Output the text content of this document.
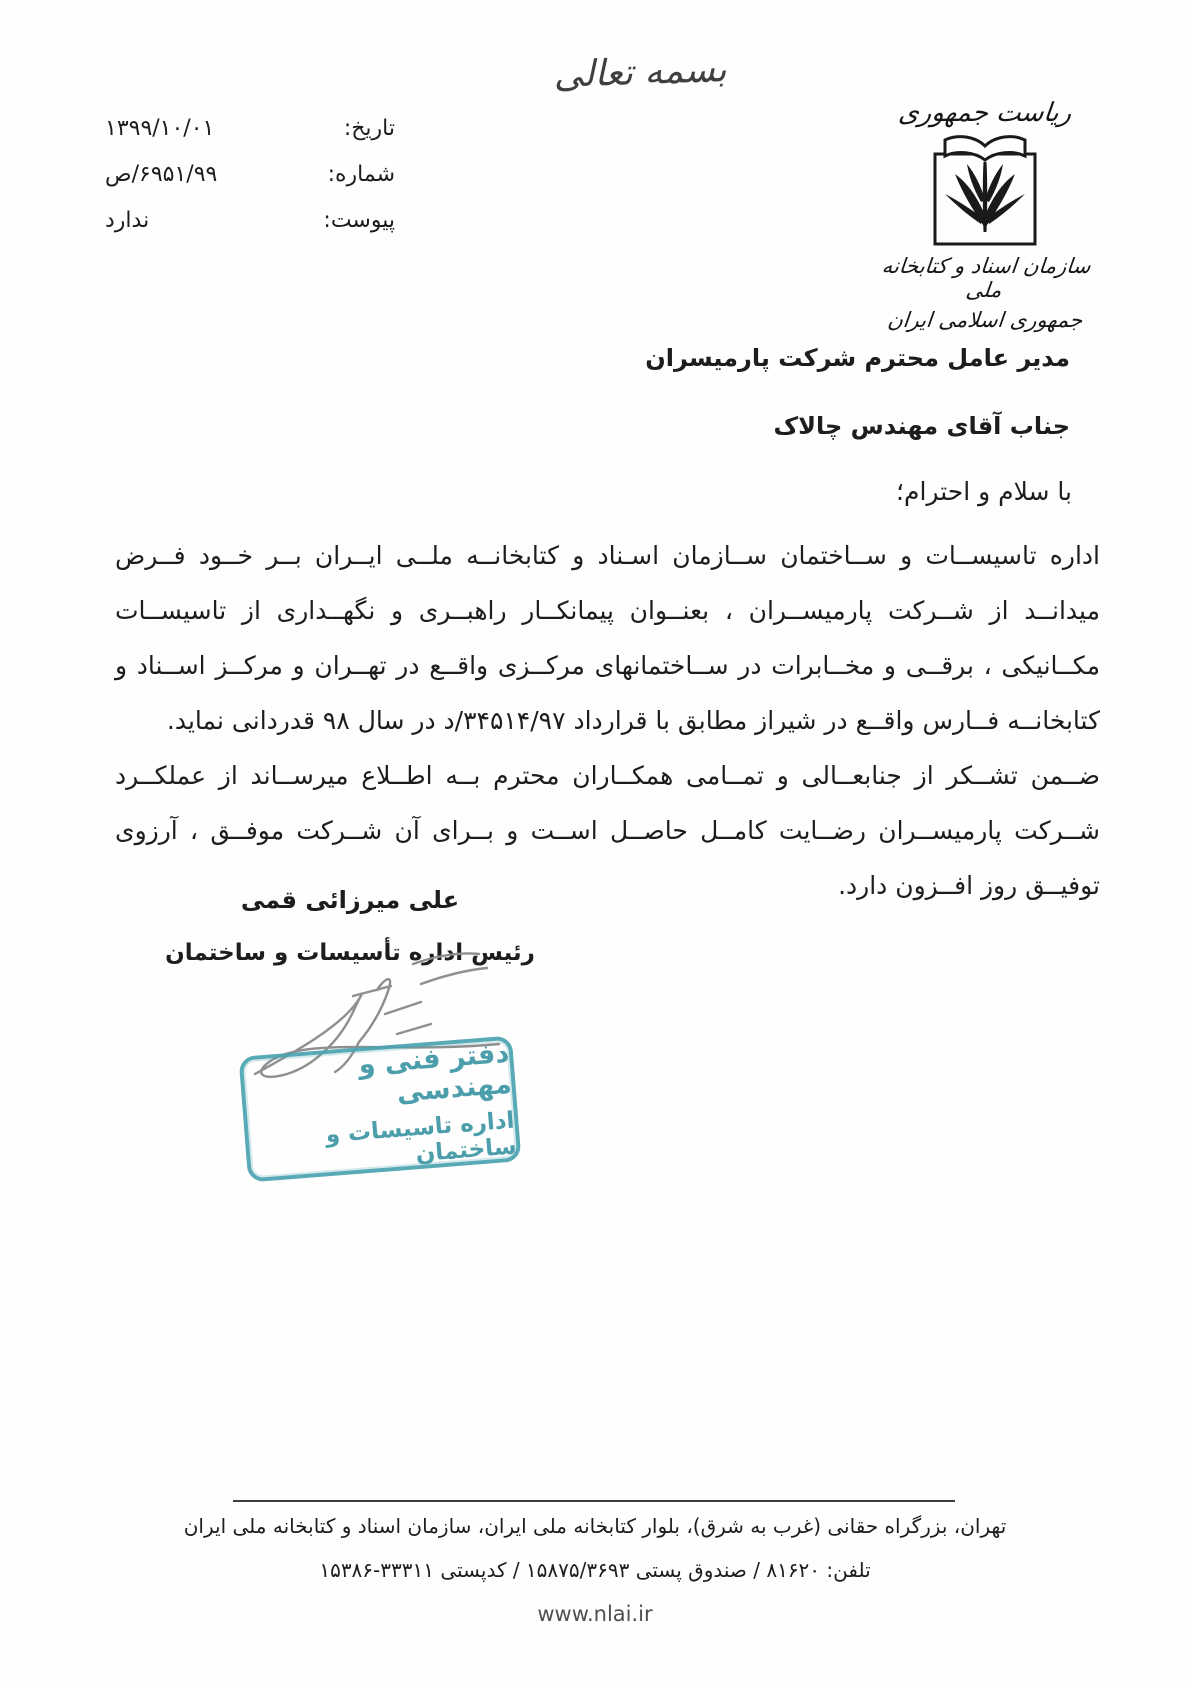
بسمه تعالی
ریاست جمهوری
سازمان اسناد و کتابخانه ملی
جمهوری اسلامی ایران
تاریخ:
۱۳۹۹/۱۰/۰۱
شماره:
۶۹۵۱/۹۹/ص
پیوست:
ندارد
مدیر عامل محترم شرکت پارمیسران
جناب آقای مهندس چالاک
با سلام و احترام؛

اداره تاسیســات و ســاختمان ســازمان اسـناد و کتابخانــه ملــی ایــران بــر خــود فــرض میدانــد از شــرکت پارمیســران ، بعنــوان پیمانکــار راهبــری و نگهــداری از تاسیســات مکــانیکی ، برقــی و مخــابرات در ســاختمانهای مرکــزی واقــع در تهــران و مرکــز اســناد و کتابخانــه فــارس واقــع در شیراز مطابق با قرارداد ۳۴۵۱۴/۹۷/د در سال ۹۸ قدردانی نماید.

ضــمن تشــکر از جنابعــالی و تمــامی همکــاران محترم بــه اطــلاع میرســاند از عملکــرد شــرکت پارمیســران رضــایت کامــل حاصــل اســت و بــرای آن شــرکت موفــق ، آرزوی توفیــق روز افــزون دارد.

علی میرزائی قمی
رئیس اداره تأسیسات و ساختمان
دفتر فنی و مهندسی
اداره تاسیسات و ساختمان
تهران، بزرگراه حقانی (غرب به شرق)، بلوار کتابخانه ملی ایران، سازمان اسناد و کتابخانه ملی ایران
تلفن: ۸۱۶۲۰ / صندوق پستی ۱۵۸۷۵/۳۶۹۳ / کدپستی ۱۵۳۸۶-۳۳۳۱۱
www.nlai.ir
